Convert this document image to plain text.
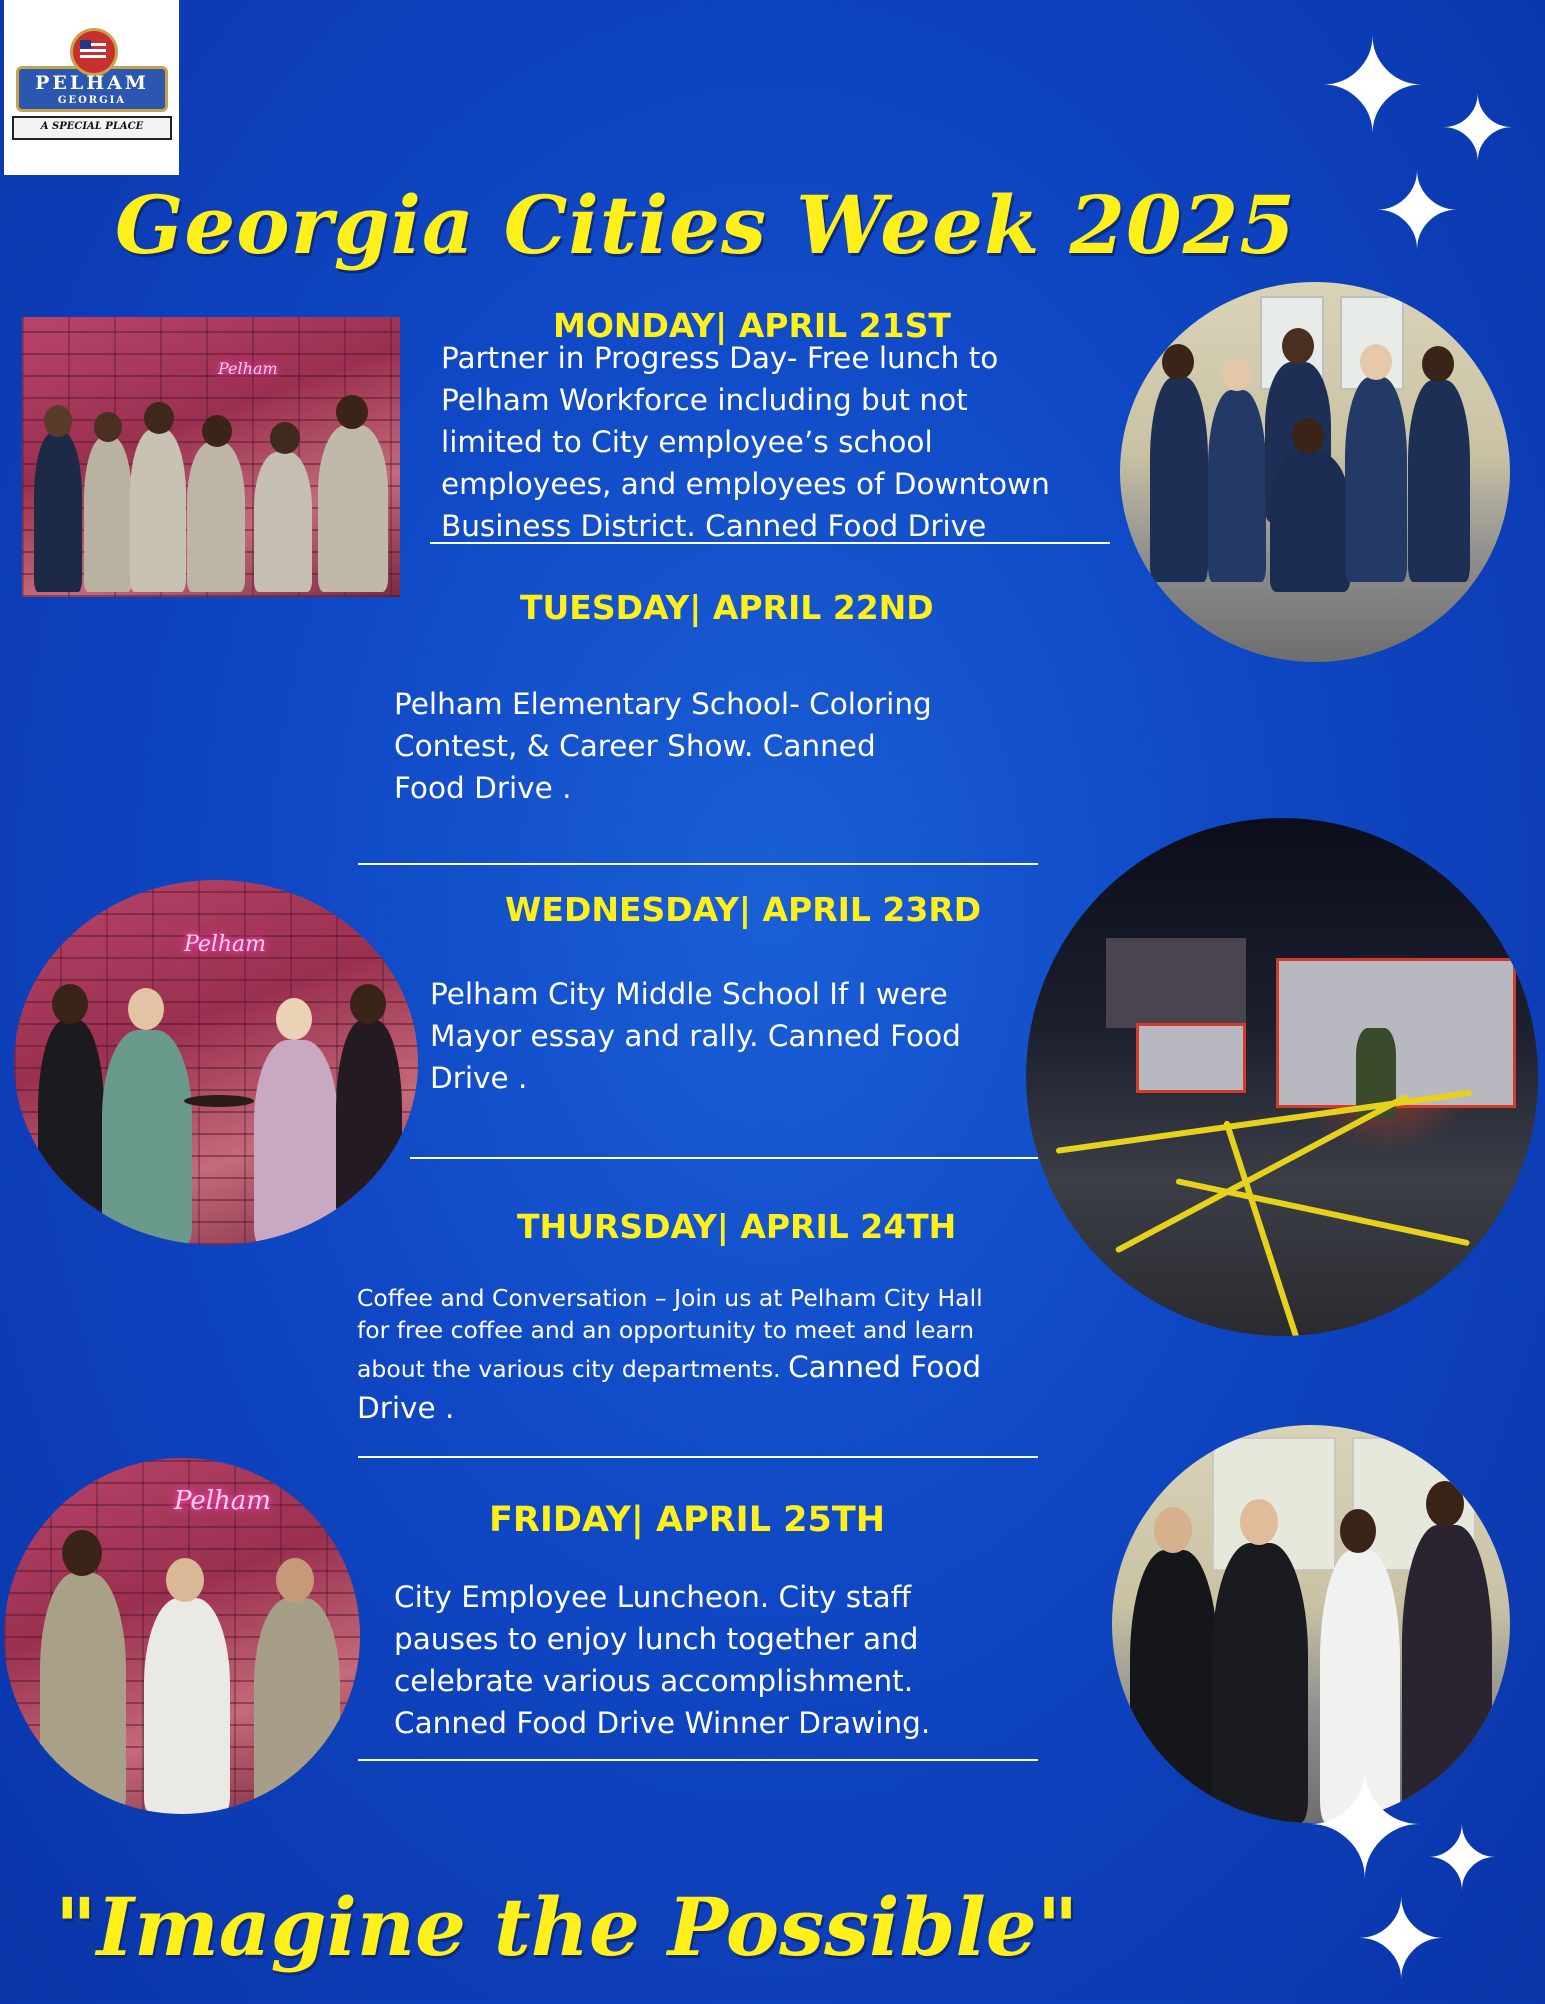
PELHAM
GEORGIA
A SPECIAL PLACE	✦ ✦
✦
Georgia Cities Week 2025
Pelham
MONDAY| APRIL 21ST
Partner in Progress Day- Free lunch to
Pelham Workforce including but not
limited to City employee’s school
employees, and employees of Downtown
Business District. Canned Food Drive
TUESDAY| APRIL 22ND
Pelham Elementary School- Coloring
Contest, & Career Show. Canned
Food Drive .
Pelham
WEDNESDAY| APRIL 23RD
Pelham City Middle School If I were
Mayor essay and rally. Canned Food
Drive .
THURSDAY| APRIL 24TH
Coffee and Conversation – Join us at Pelham City Hall
for free coffee and an opportunity to meet and learn
about the various city departments. Canned Food
Drive .
Pelham	FRIDAY| APRIL 25TH
City Employee Luncheon. City staff
pauses to enjoy lunch together and
celebrate various accomplishment.
Canned Food Drive Winner Drawing.
✦ ✦
✦
"Imagine the Possible"
